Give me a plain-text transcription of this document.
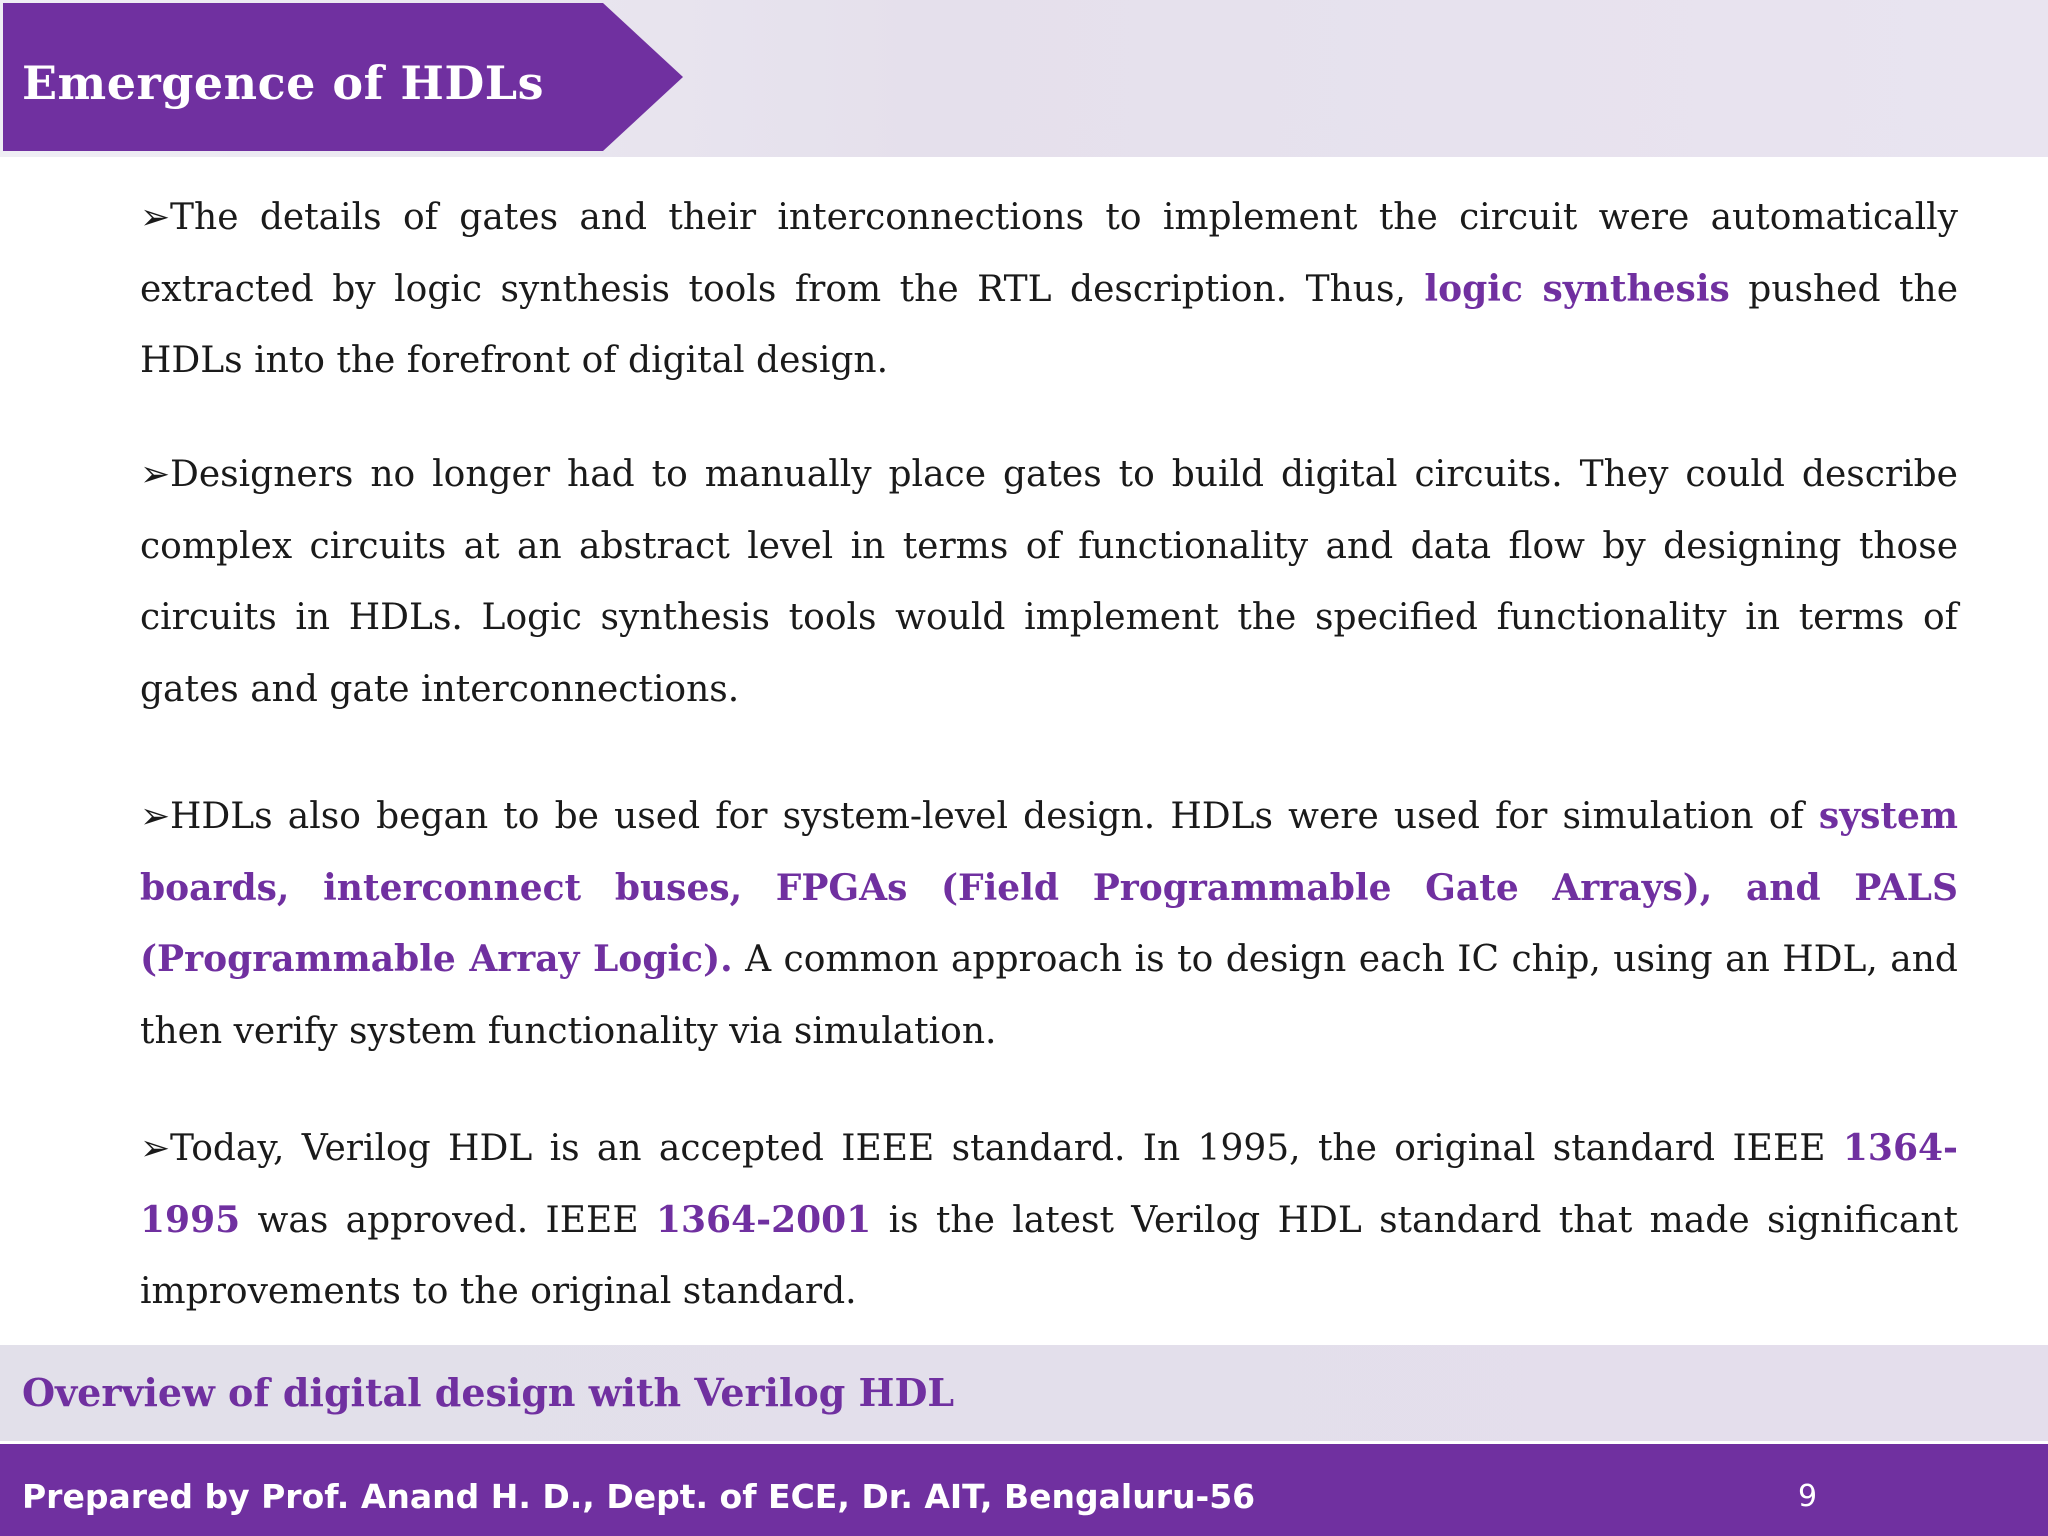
Emergence of HDLs

➢The details of gates and their interconnections to implement the circuit were automatically extracted by logic synthesis tools from the RTL description. Thus, logic synthesis pushed the HDLs into the forefront of digital design.

➢Designers no longer had to manually place gates to build digital circuits. They could describe complex circuits at an abstract level in terms of functionality and data flow by designing those circuits in HDLs. Logic synthesis tools would implement the specified functionality in terms of gates and gate interconnections.

➢HDLs also began to be used for system-level design. HDLs were used for simulation of system boards, interconnect buses, FPGAs (Field Programmable Gate Arrays), and PALS (Programmable Array Logic). A common approach is to design each IC chip, using an HDL, and then verify system functionality via simulation.

➢Today, Verilog HDL is an accepted IEEE standard. In 1995, the original standard IEEE 1364-1995 was approved. IEEE 1364-2001 is the latest Verilog HDL standard that made significant improvements to the original standard.

Overview of digital design with Verilog HDL
Prepared by Prof. Anand H. D., Dept. of ECE, Dr. AIT, Bengaluru-56	9
